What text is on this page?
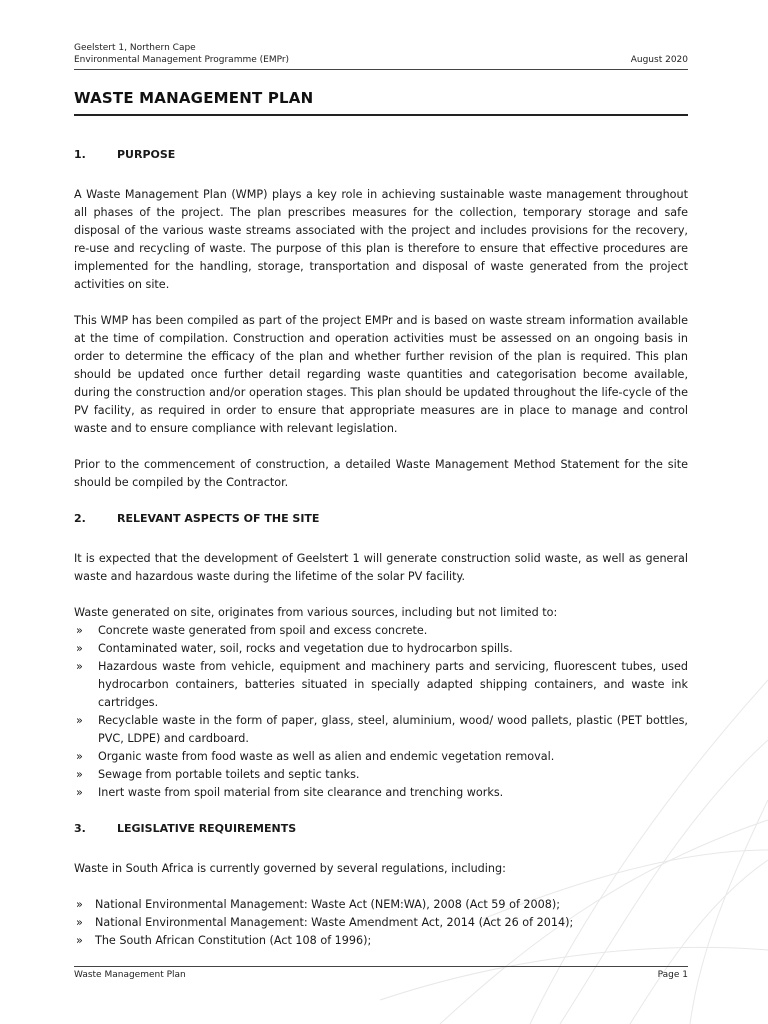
Geelstert 1, Northern Cape
Environmental Management Programme (EMPr)	August 2020
WASTE MANAGEMENT PLAN
1.	PURPOSE

A Waste Management Plan (WMP) plays a key role in achieving sustainable waste management throughout all phases of the project. The plan prescribes measures for the collection, temporary storage and safe disposal of the various waste streams associated with the project and includes provisions for the recovery, re-use and recycling of waste. The purpose of this plan is therefore to ensure that effective procedures are implemented for the handling, storage, transportation and disposal of waste generated from the project activities on site.

This WMP has been compiled as part of the project EMPr and is based on waste stream information available at the time of compilation. Construction and operation activities must be assessed on an ongoing basis in order to determine the efficacy of the plan and whether further revision of the plan is required. This plan should be updated once further detail regarding waste quantities and categorisation become available, during the construction and/or operation stages. This plan should be updated throughout the life-cycle of the PV facility, as required in order to ensure that appropriate measures are in place to manage and control waste and to ensure compliance with relevant legislation.

Prior to the commencement of construction, a detailed Waste Management Method Statement for the site should be compiled by the Contractor.

2.	RELEVANT ASPECTS OF THE SITE

It is expected that the development of Geelstert 1 will generate construction solid waste, as well as general waste and hazardous waste during the lifetime of the solar PV facility.

Waste generated on site, originates from various sources, including but not limited to:

» Concrete waste generated from spoil and excess concrete.
» Contaminated water, soil, rocks and vegetation due to hydrocarbon spills.
» Hazardous waste from vehicle, equipment and machinery parts and servicing, fluorescent tubes, used hydrocarbon containers, batteries situated in specially adapted shipping containers, and waste ink cartridges.
» Recyclable waste in the form of paper, glass, steel, aluminium, wood/ wood pallets, plastic (PET bottles, PVC, LDPE) and cardboard.
» Organic waste from food waste as well as alien and endemic vegetation removal.
» Sewage from portable toilets and septic tanks.
» Inert waste from spoil material from site clearance and trenching works.
3.	LEGISLATIVE REQUIREMENTS

Waste in South Africa is currently governed by several regulations, including:

» National Environmental Management: Waste Act (NEM:WA), 2008 (Act 59 of 2008);
» National Environmental Management: Waste Amendment Act, 2014 (Act 26 of 2014);
» The South African Constitution (Act 108 of 1996);
Waste Management Plan	Page 1
